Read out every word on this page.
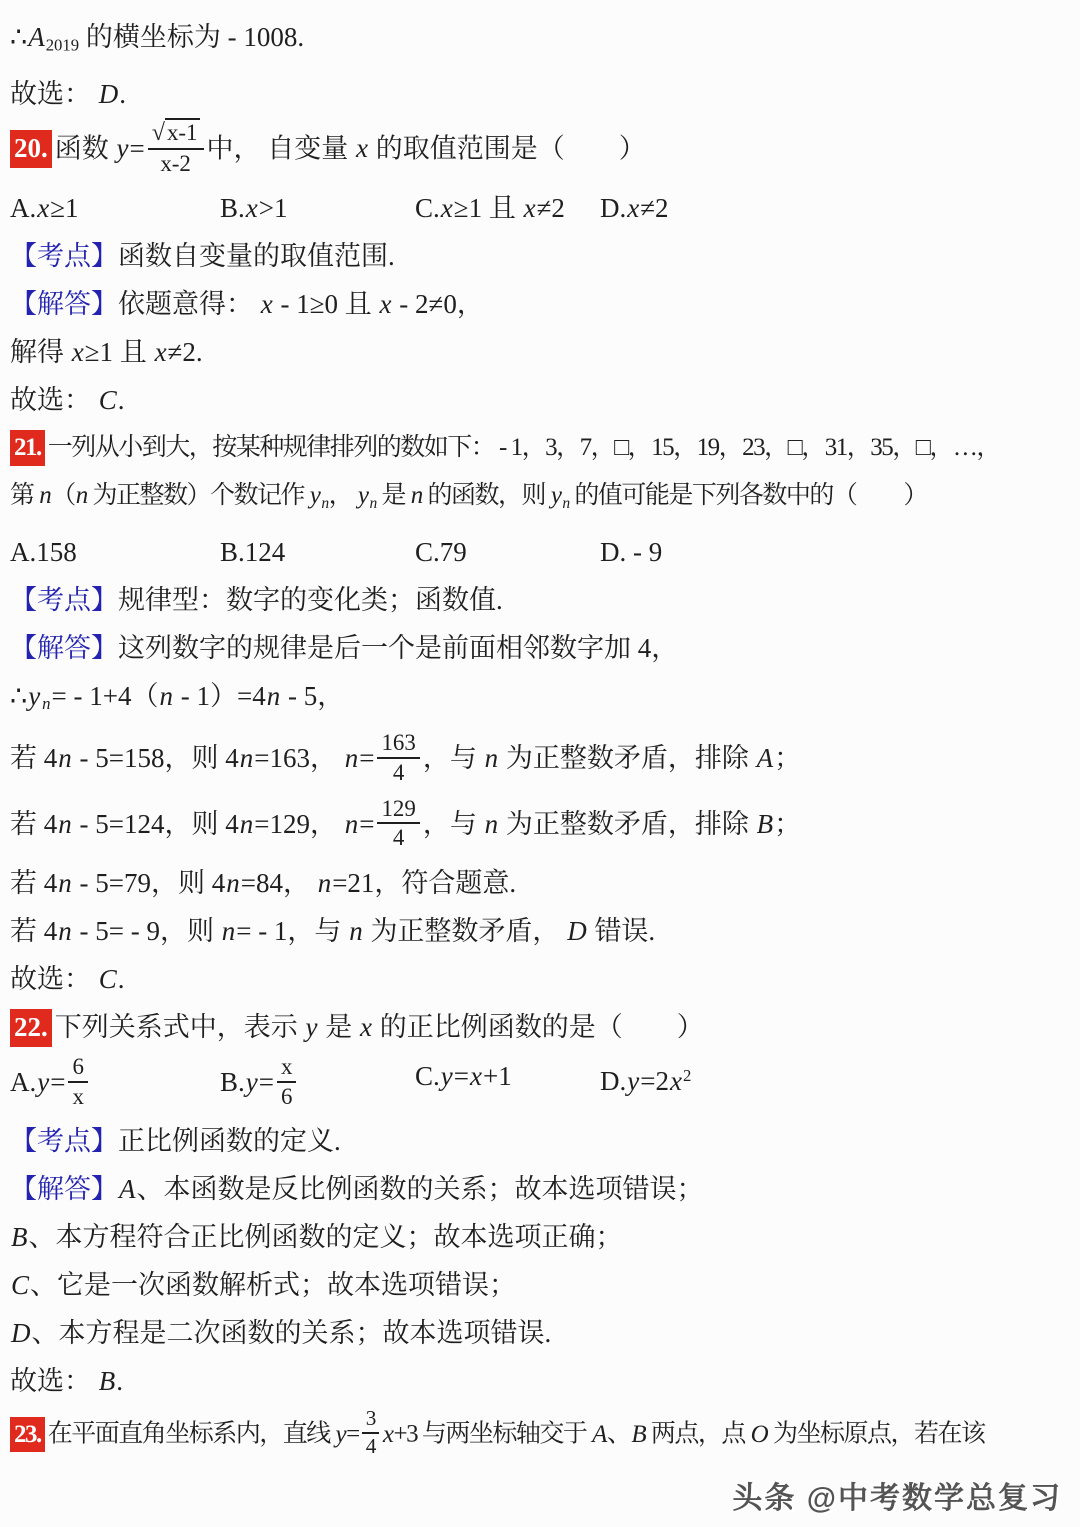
头条 @中考数学总复习
∴A2019 的横坐标为 - 1008.
故选： D.
20. 函数 $y= \frac{√x-1}{x-2}$ 中， 自变量 x 的取值范围是（　　）
A.x≥1	B.x>1	C.x≥1 且 x≠2	D.x≠2
【考点】函数自变量的取值范围.
【解答】依题意得： x - 1≥0 且 x - 2≠0，
解得 x≥1 且 x≠2.
故选： C.
21. 一列从小到大，按某种规律排列的数如下： - 1，3，7，□，15，19，23，□，31，35，□，…，
第 n（n 为正整数）个数记作 y n， y n 是 n 的函数，则 y n 的值可能是下列各数中的（　　）
A.158	B.124	C.79	D. - 9
【考点】规律型：数字的变化类；函数值.
【解答】这列数字的规律是后一个是前面相邻数字加 4，
∴y n= - 1+4（n - 1）=4n - 5，
若 4n - 5=158，则 4n=163， $n= \frac{163}{4}$ ，与 n 为正整数矛盾，排除 A；
若 4n - 5=124，则 4n=129， $n= \frac{129}{4}$ ，与 n 为正整数矛盾，排除 B；
若 4n - 5=79，则 4n=84， n=21，符合题意.
若 4n - 5= - 9，则 n= - 1，与 n 为正整数矛盾， D 错误.
故选： C.
22. 下列关系式中，表示 y 是 x 的正比例函数的是（　　）
$A.y= \frac{6}{x}$	$B.y= \frac{x}{6}$	C.y=x+1	$D.y=2x^2$
【考点】正比例函数的定义.
【解答】A、本函数是反比例函数的关系；故本选项错误；
B、本方程符合正比例函数的定义；故本选项正确；
C、它是一次函数解析式；故本选项错误；
D、本方程是二次函数的关系；故本选项错误.
故选： B.
23. 在平面直角坐标系内，直线 $y= \frac{3}{4} x+3$ 与两坐标轴交于 A、B 两点，点 O 为坐标原点，若在该
